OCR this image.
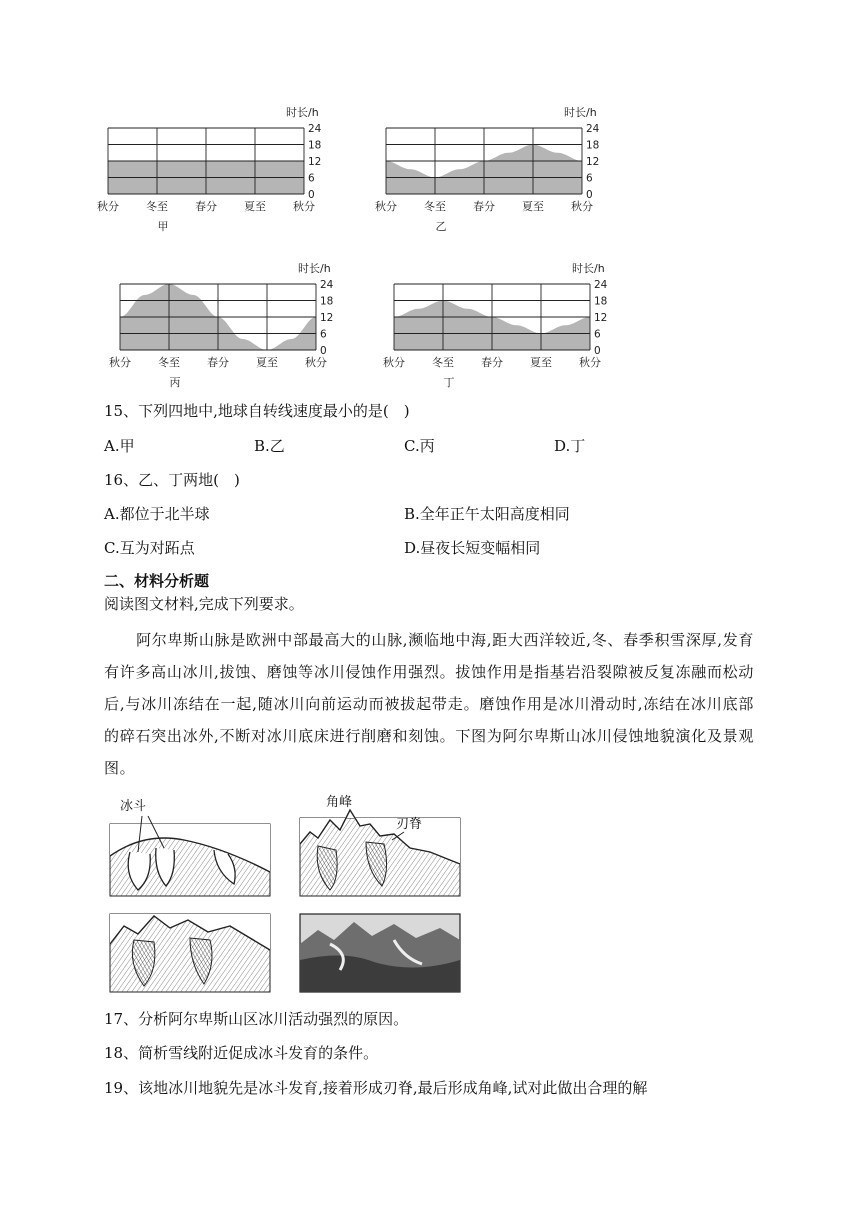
24
18
12
6
0
时长/h
秋分 冬至 春分 夏至 秋分
甲
24
18
12
6
0
时长/h
秋分 冬至 春分 夏至 秋分
乙
24
18
12
6
0
时长/h
秋分 冬至 春分 夏至 秋分
丙
24
18
12
6
0
时长/h
秋分 冬至 春分 夏至 秋分
丁
15、下列四地中,地球自转线速度最小的是(　)
A.甲	B.乙	C.丙	D.丁
16、乙、丁两地(　)
A.都位于北半球	B.全年正午太阳高度相同
C.互为对跖点	D.昼夜长短变幅相同
二、材料分析题
阅读图文材料,完成下列要求。
阿尔卑斯山脉是欧洲中部最高大的山脉,濒临地中海,距大西洋较近,冬、春季积雪深厚,发育有许多高山冰川,拔蚀、磨蚀等冰川侵蚀作用强烈。拔蚀作用是指基岩沿裂隙被反复冻融而松动后,与冰川冻结在一起,随冰川向前运动而被拔起带走。磨蚀作用是冰川滑动时,冻结在冰川底部的碎石突出冰外,不断对冰川底床进行削磨和刻蚀。下图为阿尔卑斯山冰川侵蚀地貌演化及景观图。
冰斗	角峰
刃脊
17、分析阿尔卑斯山区冰川活动强烈的原因。
18、简析雪线附近促成冰斗发育的条件。
19、该地冰川地貌先是冰斗发育,接着形成刃脊,最后形成角峰,试对此做出合理的解
